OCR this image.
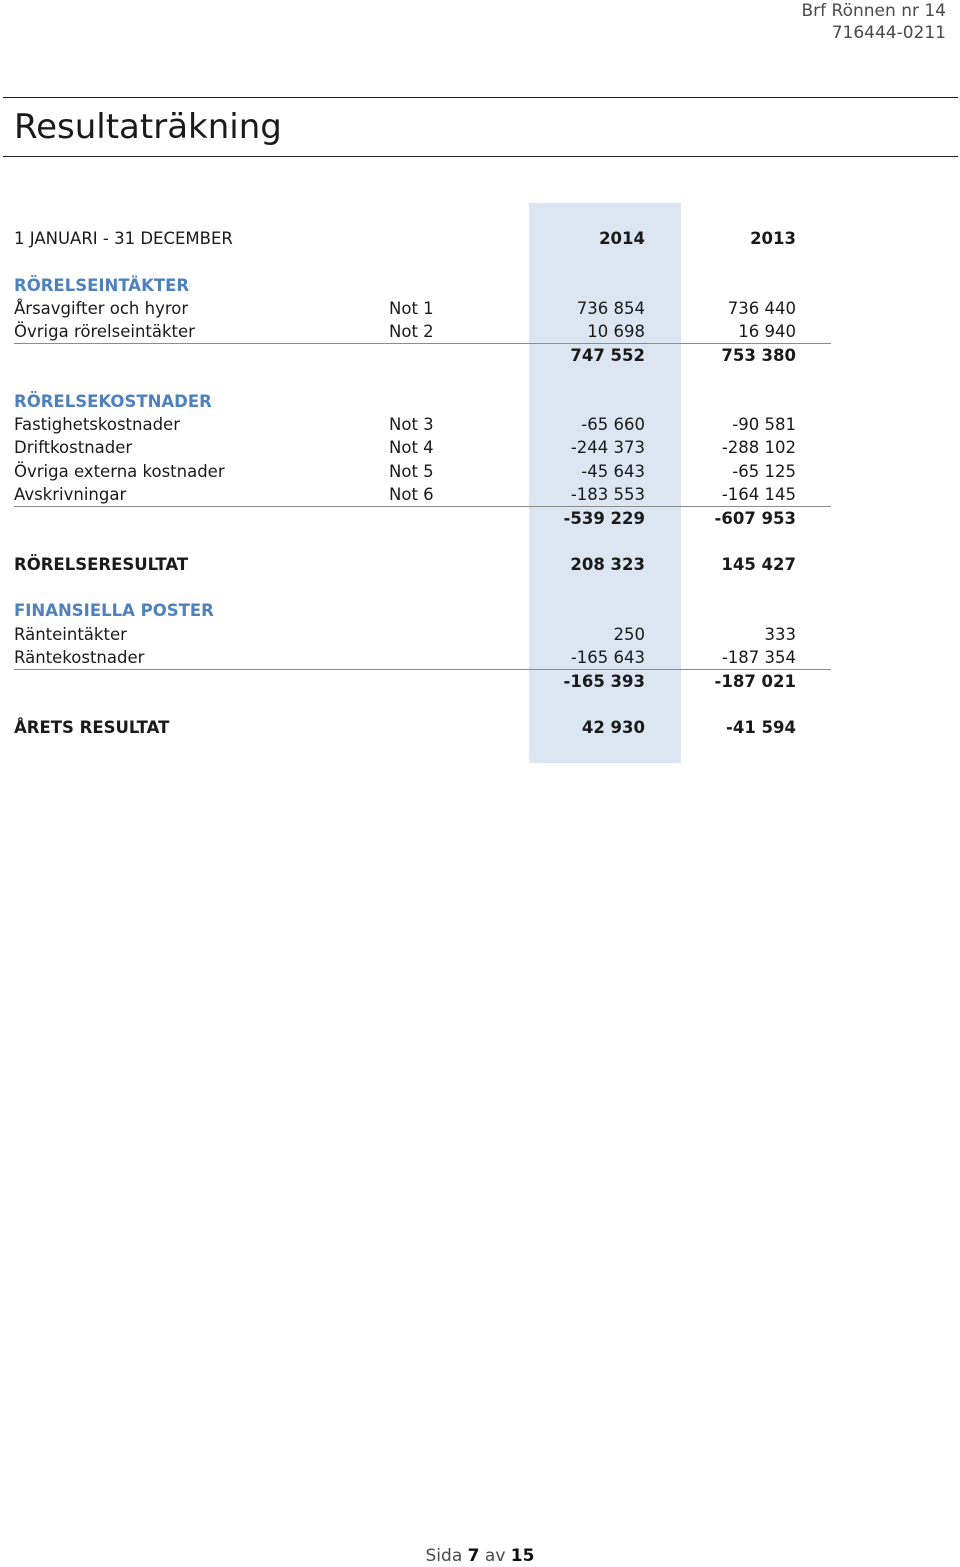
Brf Rönnen nr 14
716444-0211
Resultaträkning
1 JANUARI - 31 DECEMBER	2014	2013
RÖRELSEINTÄKTER
Årsavgifter och hyror	Not 1	736 854	736 440
Övriga rörelseintäkter	Not 2	10 698	16 940
747 552	753 380
RÖRELSEKOSTNADER
Fastighetskostnader	Not 3	-65 660	-90 581
Driftkostnader	Not 4	-244 373	-288 102
Övriga externa kostnader	Not 5	-45 643	-65 125
Avskrivningar	Not 6	-183 553	-164 145
-539 229	-607 953
RÖRELSERESULTAT	208 323	145 427
FINANSIELLA POSTER
Ränteintäkter	250	333
Räntekostnader	-165 643	-187 354
-165 393	-187 021
ÅRETS RESULTAT	42 930	-41 594
Sida 7 av 15
